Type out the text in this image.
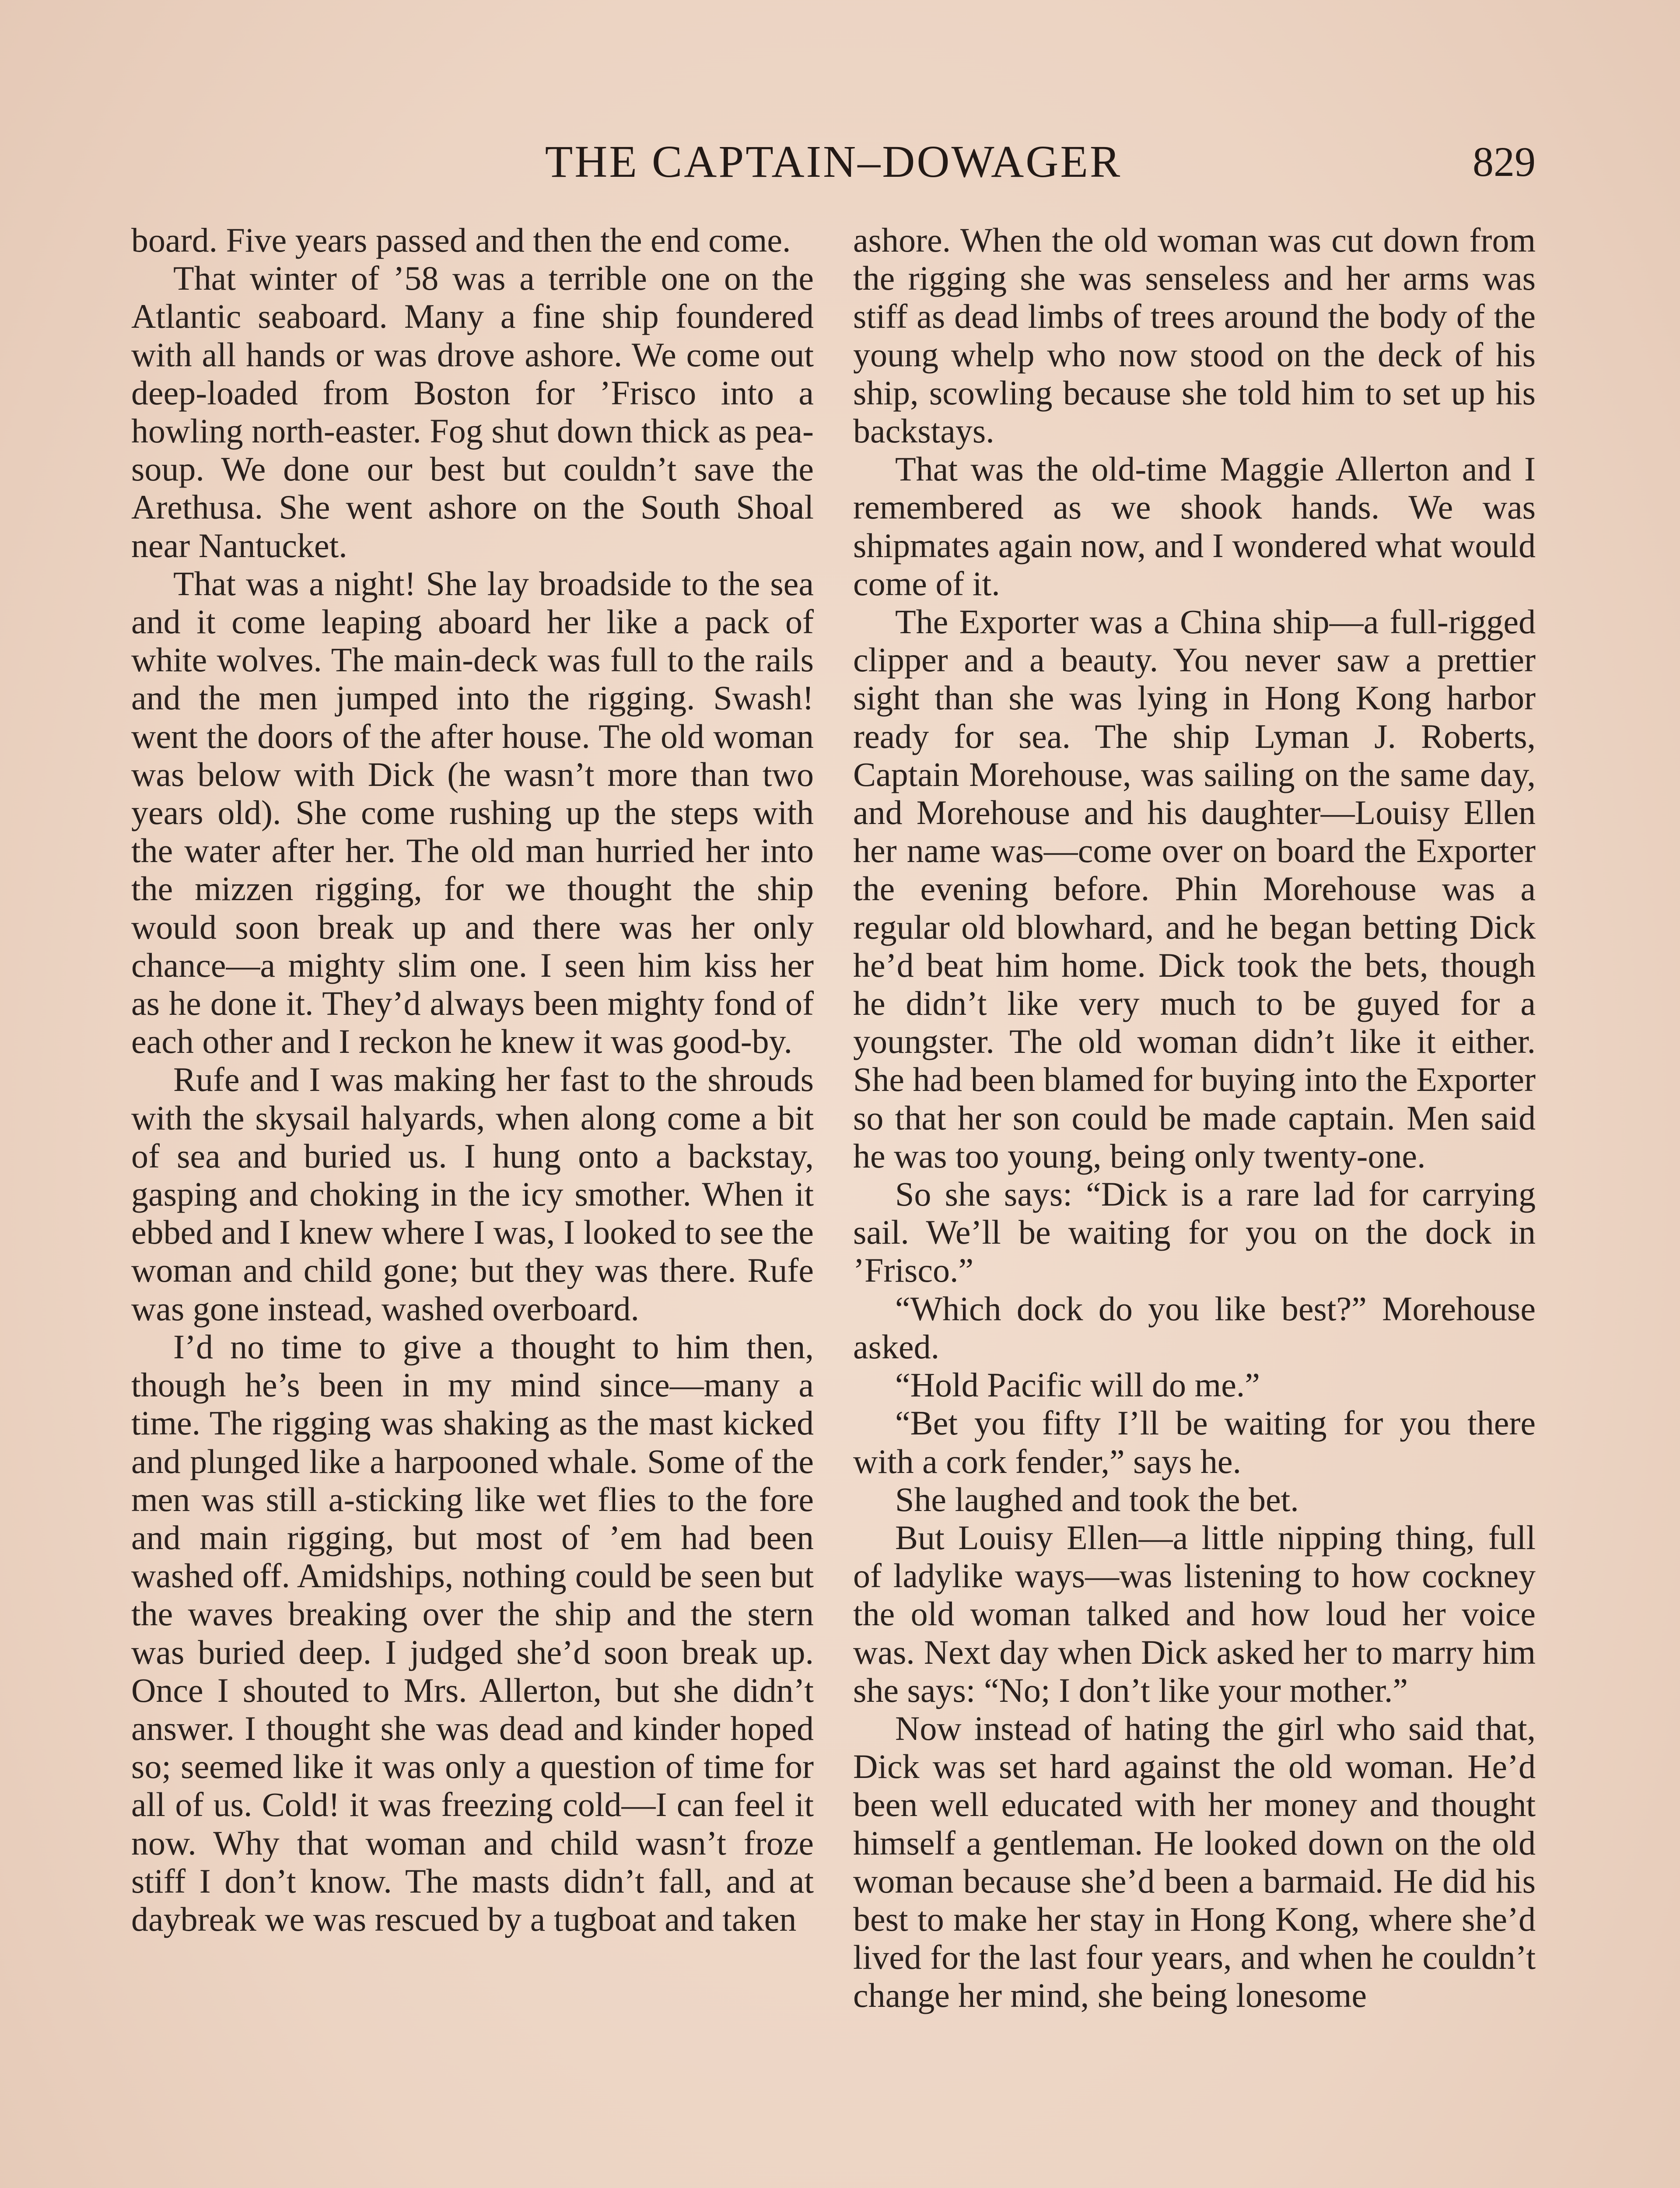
THE CAPTAIN–DOWAGER	829

board. Five years passed and then the end come.

That winter of ’58 was a terrible one on the Atlantic seaboard. Many a fine ship foundered with all hands or was drove ashore. We come out deep-loaded from Boston for ’Frisco into a howling north-easter. Fog shut down thick as pea-soup. We done our best but couldn’t save the Arethusa. She went ashore on the South Shoal near Nantucket.

That was a night! She lay broadside to the sea and it come leaping aboard her like a pack of white wolves. The main-deck was full to the rails and the men jumped into the rigging. Swash! went the doors of the after house. The old woman was below with Dick (he wasn’t more than two years old). She come rushing up the steps with the water after her. The old man hurried her into the mizzen rigging, for we thought the ship would soon break up and there was her only chance—a mighty slim one. I seen him kiss her as he done it. They’d always been mighty fond of each other and I reckon he knew it was good-by.

Rufe and I was making her fast to the shrouds with the skysail halyards, when along come a bit of sea and buried us. I hung onto a backstay, gasping and choking in the icy smother. When it ebbed and I knew where I was, I looked to see the woman and child gone; but they was there. Rufe was gone instead, washed overboard.

I’d no time to give a thought to him then, though he’s been in my mind since—many a time. The rigging was shaking as the mast kicked and plunged like a harpooned whale. Some of the men was still a-sticking like wet flies to the fore and main rigging, but most of ’em had been washed off. Amidships, nothing could be seen but the waves breaking over the ship and the stern was buried deep. I judged she’d soon break up. Once I shouted to Mrs. Allerton, but she didn’t answer. I thought she was dead and kinder hoped so; seemed like it was only a question of time for all of us. Cold! it was freezing cold—I can feel it now. Why that woman and child wasn’t froze stiff I don’t know. The masts didn’t fall, and at daybreak we was rescued by a tugboat and taken

ashore. When the old woman was cut down from the rigging she was senseless and her arms was stiff as dead limbs of trees around the body of the young whelp who now stood on the deck of his ship, scowling because she told him to set up his backstays.

That was the old-time Maggie Allerton and I remembered as we shook hands. We was shipmates again now, and I wondered what would come of it.

The Exporter was a China ship—a full-rigged clipper and a beauty. You never saw a prettier sight than she was lying in Hong Kong harbor ready for sea. The ship Lyman J. Roberts, Captain Morehouse, was sailing on the same day, and Morehouse and his daughter—Louisy Ellen her name was—come over on board the Exporter the evening before. Phin Morehouse was a regular old blowhard, and he began betting Dick he’d beat him home. Dick took the bets, though he didn’t like very much to be guyed for a youngster. The old woman didn’t like it either. She had been blamed for buying into the Exporter so that her son could be made captain. Men said he was too young, being only twenty-one.

So she says: “Dick is a rare lad for carrying sail. We’ll be waiting for you on the dock in ’Frisco.”

“Which dock do you like best?” Morehouse asked.

“Hold Pacific will do me.”

“Bet you fifty I’ll be waiting for you there with a cork fender,” says he.

She laughed and took the bet.

But Louisy Ellen—a little nipping thing, full of ladylike ways—was listening to how cockney the old woman talked and how loud her voice was. Next day when Dick asked her to marry him she says: “No; I don’t like your mother.”

Now instead of hating the girl who said that, Dick was set hard against the old woman. He’d been well educated with her money and thought himself a gentleman. He looked down on the old woman because she’d been a barmaid. He did his best to make her stay in Hong Kong, where she’d lived for the last four years, and when he couldn’t change her mind, she being lonesome
